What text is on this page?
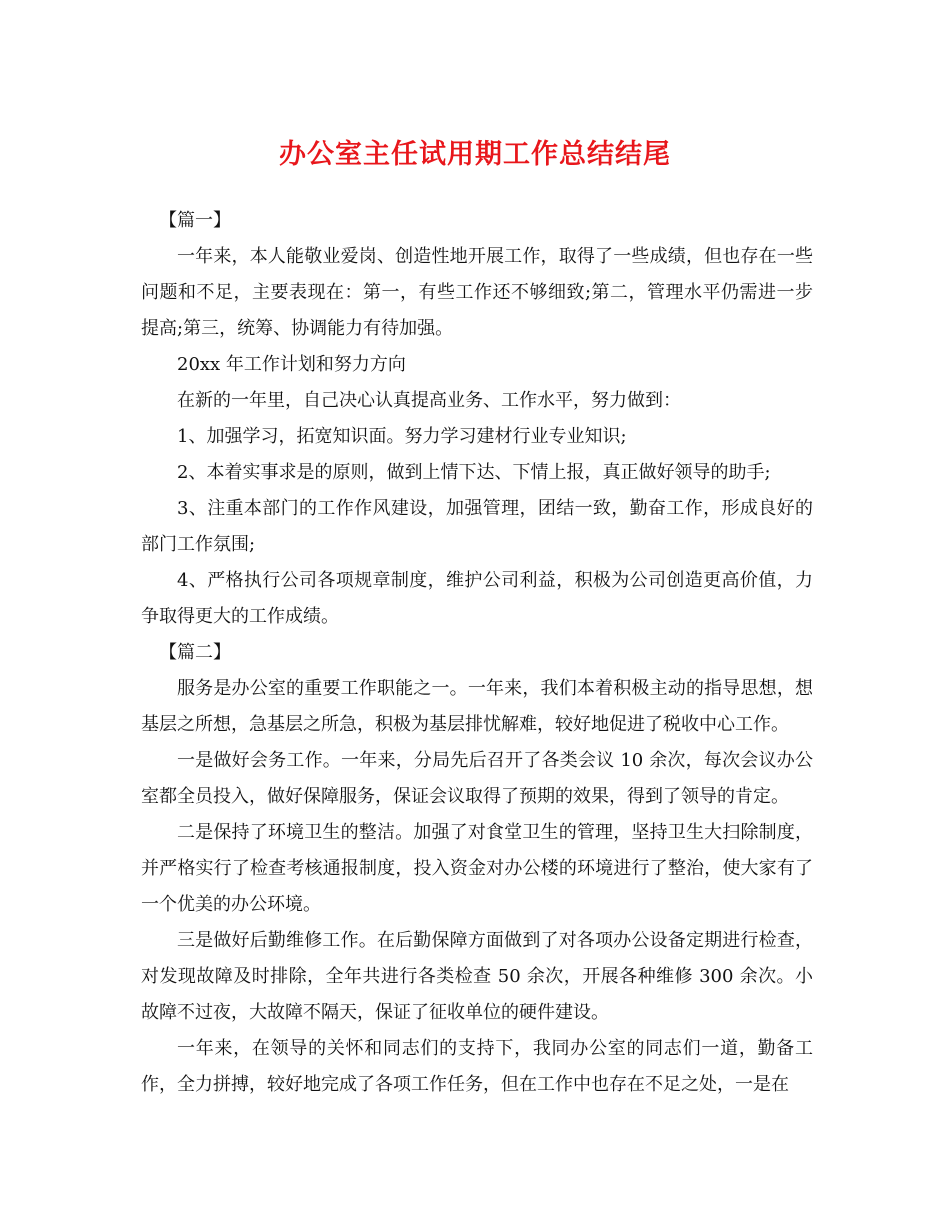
办公室主任试用期工作总结结尾

【篇一】

一年来，本人能敬业爱岗、创造性地开展工作，取得了一些成绩，但也存在一些问题和不足，主要表现在：第一，有些工作还不够细致;第二，管理水平仍需进一步提高;第三，统筹、协调能力有待加强。

20xx 年工作计划和努力方向

在新的一年里，自己决心认真提高业务、工作水平，努力做到：

1、加强学习，拓宽知识面。努力学习建材行业专业知识;

2、本着实事求是的原则，做到上情下达、下情上报，真正做好领导的助手;

3、注重本部门的工作作风建设，加强管理，团结一致，勤奋工作，形成良好的部门工作氛围;

4、严格执行公司各项规章制度，维护公司利益，积极为公司创造更高价值，力争取得更大的工作成绩。

【篇二】

服务是办公室的重要工作职能之一。一年来，我们本着积极主动的指导思想，想基层之所想，急基层之所急，积极为基层排忧解难，较好地促进了税收中心工作。

一是做好会务工作。一年来，分局先后召开了各类会议 10 余次，每次会议办公室都全员投入，做好保障服务，保证会议取得了预期的效果，得到了领导的肯定。

二是保持了环境卫生的整洁。加强了对食堂卫生的管理，坚持卫生大扫除制度，并严格实行了检查考核通报制度，投入资金对办公楼的环境进行了整治，使大家有了一个优美的办公环境。

三是做好后勤维修工作。在后勤保障方面做到了对各项办公设备定期进行检查，对发现故障及时排除，全年共进行各类检查 50 余次，开展各种维修 300 余次。小故障不过夜，大故障不隔天，保证了征收单位的硬件建设。

一年来，在领导的关怀和同志们的支持下，我同办公室的同志们一道，勤备工作，全力拼搏，较好地完成了各项工作任务，但在工作中也存在不足之处，一是在
